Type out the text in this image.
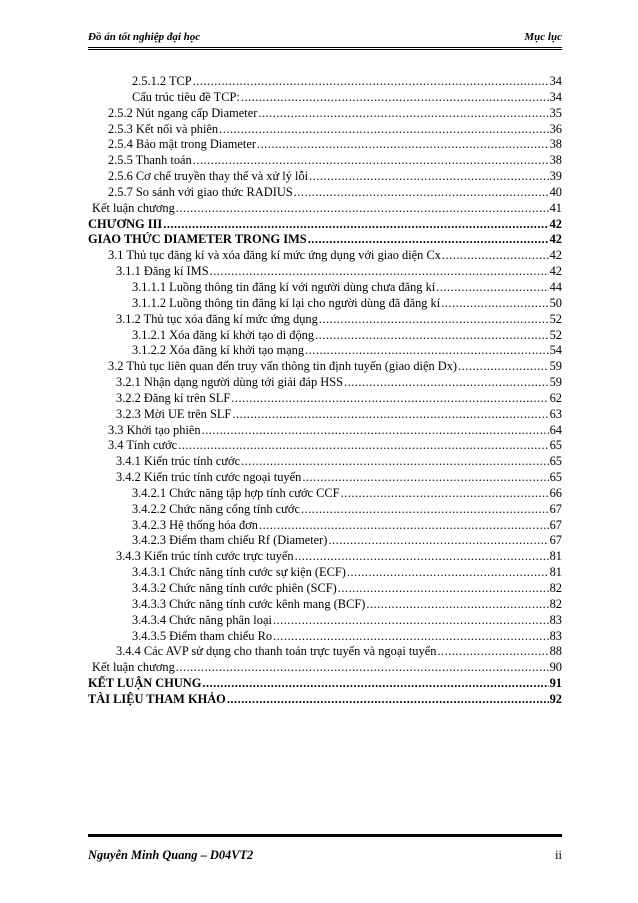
Đồ án tốt nghiệp đại học	Mục lục
2.5.1.2 TCP .....	34
Cấu trúc tiêu đề TCP: .....	34
2.5.2 Nút ngang cấp Diameter .....	35
2.5.3 Kết nối và phiên .....	36
2.5.4 Bảo mật trong Diameter .....	38
2.5.5 Thanh toán .....	38
2.5.6 Cơ chế truyền thay thế và xử lý lỗi .....	39
2.5.7 So sánh với giao thức RADIUS .....	40
Kết luận chương .....	41
CHƯƠNG III .....	42
GIAO THỨC DIAMETER TRONG IMS .....	42
3.1 Thủ tục đăng kí và xóa đăng kí mức ứng dụng với giao diện Cx .....	42
3.1.1 Đăng kí IMS .....	42
3.1.1.1 Luồng thông tin đăng kí với người dùng chưa đăng kí .....	44
3.1.1.2 Luồng thông tin đăng kí lại cho người dùng đã đăng kí .....	50
3.1.2 Thủ tục xóa đăng kí mức ứng dụng .....	52
3.1.2.1 Xóa đăng kí khởi tạo di động .....	52
3.1.2.2 Xóa đăng kí khởi tạo mạng .....	54
3.2 Thủ tục liên quan đến truy vấn thông tin định tuyến (giao diện Dx) .....	59
3.2.1 Nhận dạng người dùng tới giải đáp HSS .....	59
3.2.2 Đăng kí trên SLF .....	62
3.2.3 Mời UE trên SLF .....	63
3.3 Khởi tạo phiên .....	64
3.4 Tính cước .....	65
3.4.1 Kiến trúc tính cước .....	65
3.4.2 Kiến trúc tính cước ngoại tuyến .....	65
3.4.2.1 Chức năng tập hợp tính cước CCF .....	66
3.4.2.2 Chức năng cổng tính cước .....	67
3.4.2.3 Hệ thống hóa đơn .....	67
3.4.2.3 Điểm tham chiếu Rf (Diameter) .....	67
3.4.3 Kiến trúc tính cước trực tuyến .....	81
3.4.3.1 Chức năng tính cước sự kiện (ECF) .....	81
3.4.3.2 Chức năng tính cước phiên (SCF) .....	82
3.4.3.3 Chức năng tính cước kênh mang (BCF) .....	82
3.4.3.4 Chức năng phân loại .....	83
3.4.3.5 Điểm tham chiếu Ro .....	83
3.4.4 Các AVP sử dụng cho thanh toán trực tuyến và ngoại tuyến .....	88
Kết luận chương .....	90
KẾT LUẬN CHUNG .....	91
TÀI LIỆU THAM KHẢO .....	92
Nguyễn Minh Quang – D04VT2	ii
